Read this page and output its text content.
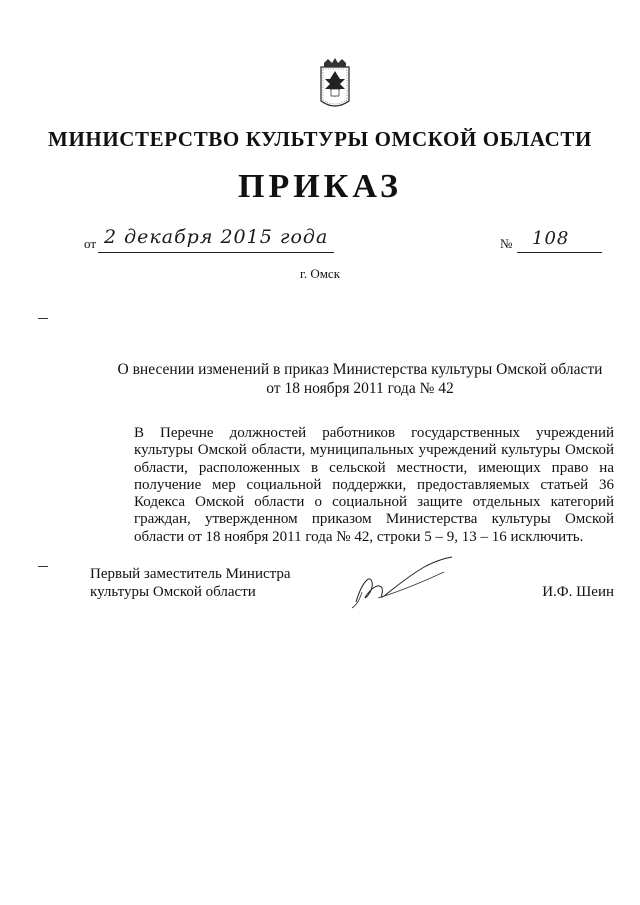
МИНИСТЕРСТВО КУЛЬТУРЫ ОМСКОЙ ОБЛАСТИ
ПРИКАЗ
от 2 декабря 2015 года	№ 108
г. Омск
О внесении изменений в приказ Министерства культуры Омской области
от 18 ноября 2011 года № 42
В Перечне должностей работников государственных учреждений культуры Омской области, муниципальных учреждений культуры Омской области, расположенных в сельской местности, имеющих право на получение мер социальной поддержки, предоставляемых статьей 36 Кодекса Омской области о социальной защите отдельных категорий граждан, утвержденном приказом Министерства культуры Омской области от 18 ноября 2011 года № 42, строки 5 – 9, 13 – 16 исключить.
Первый заместитель Министра
культуры Омской области	И.Ф. Шеин
